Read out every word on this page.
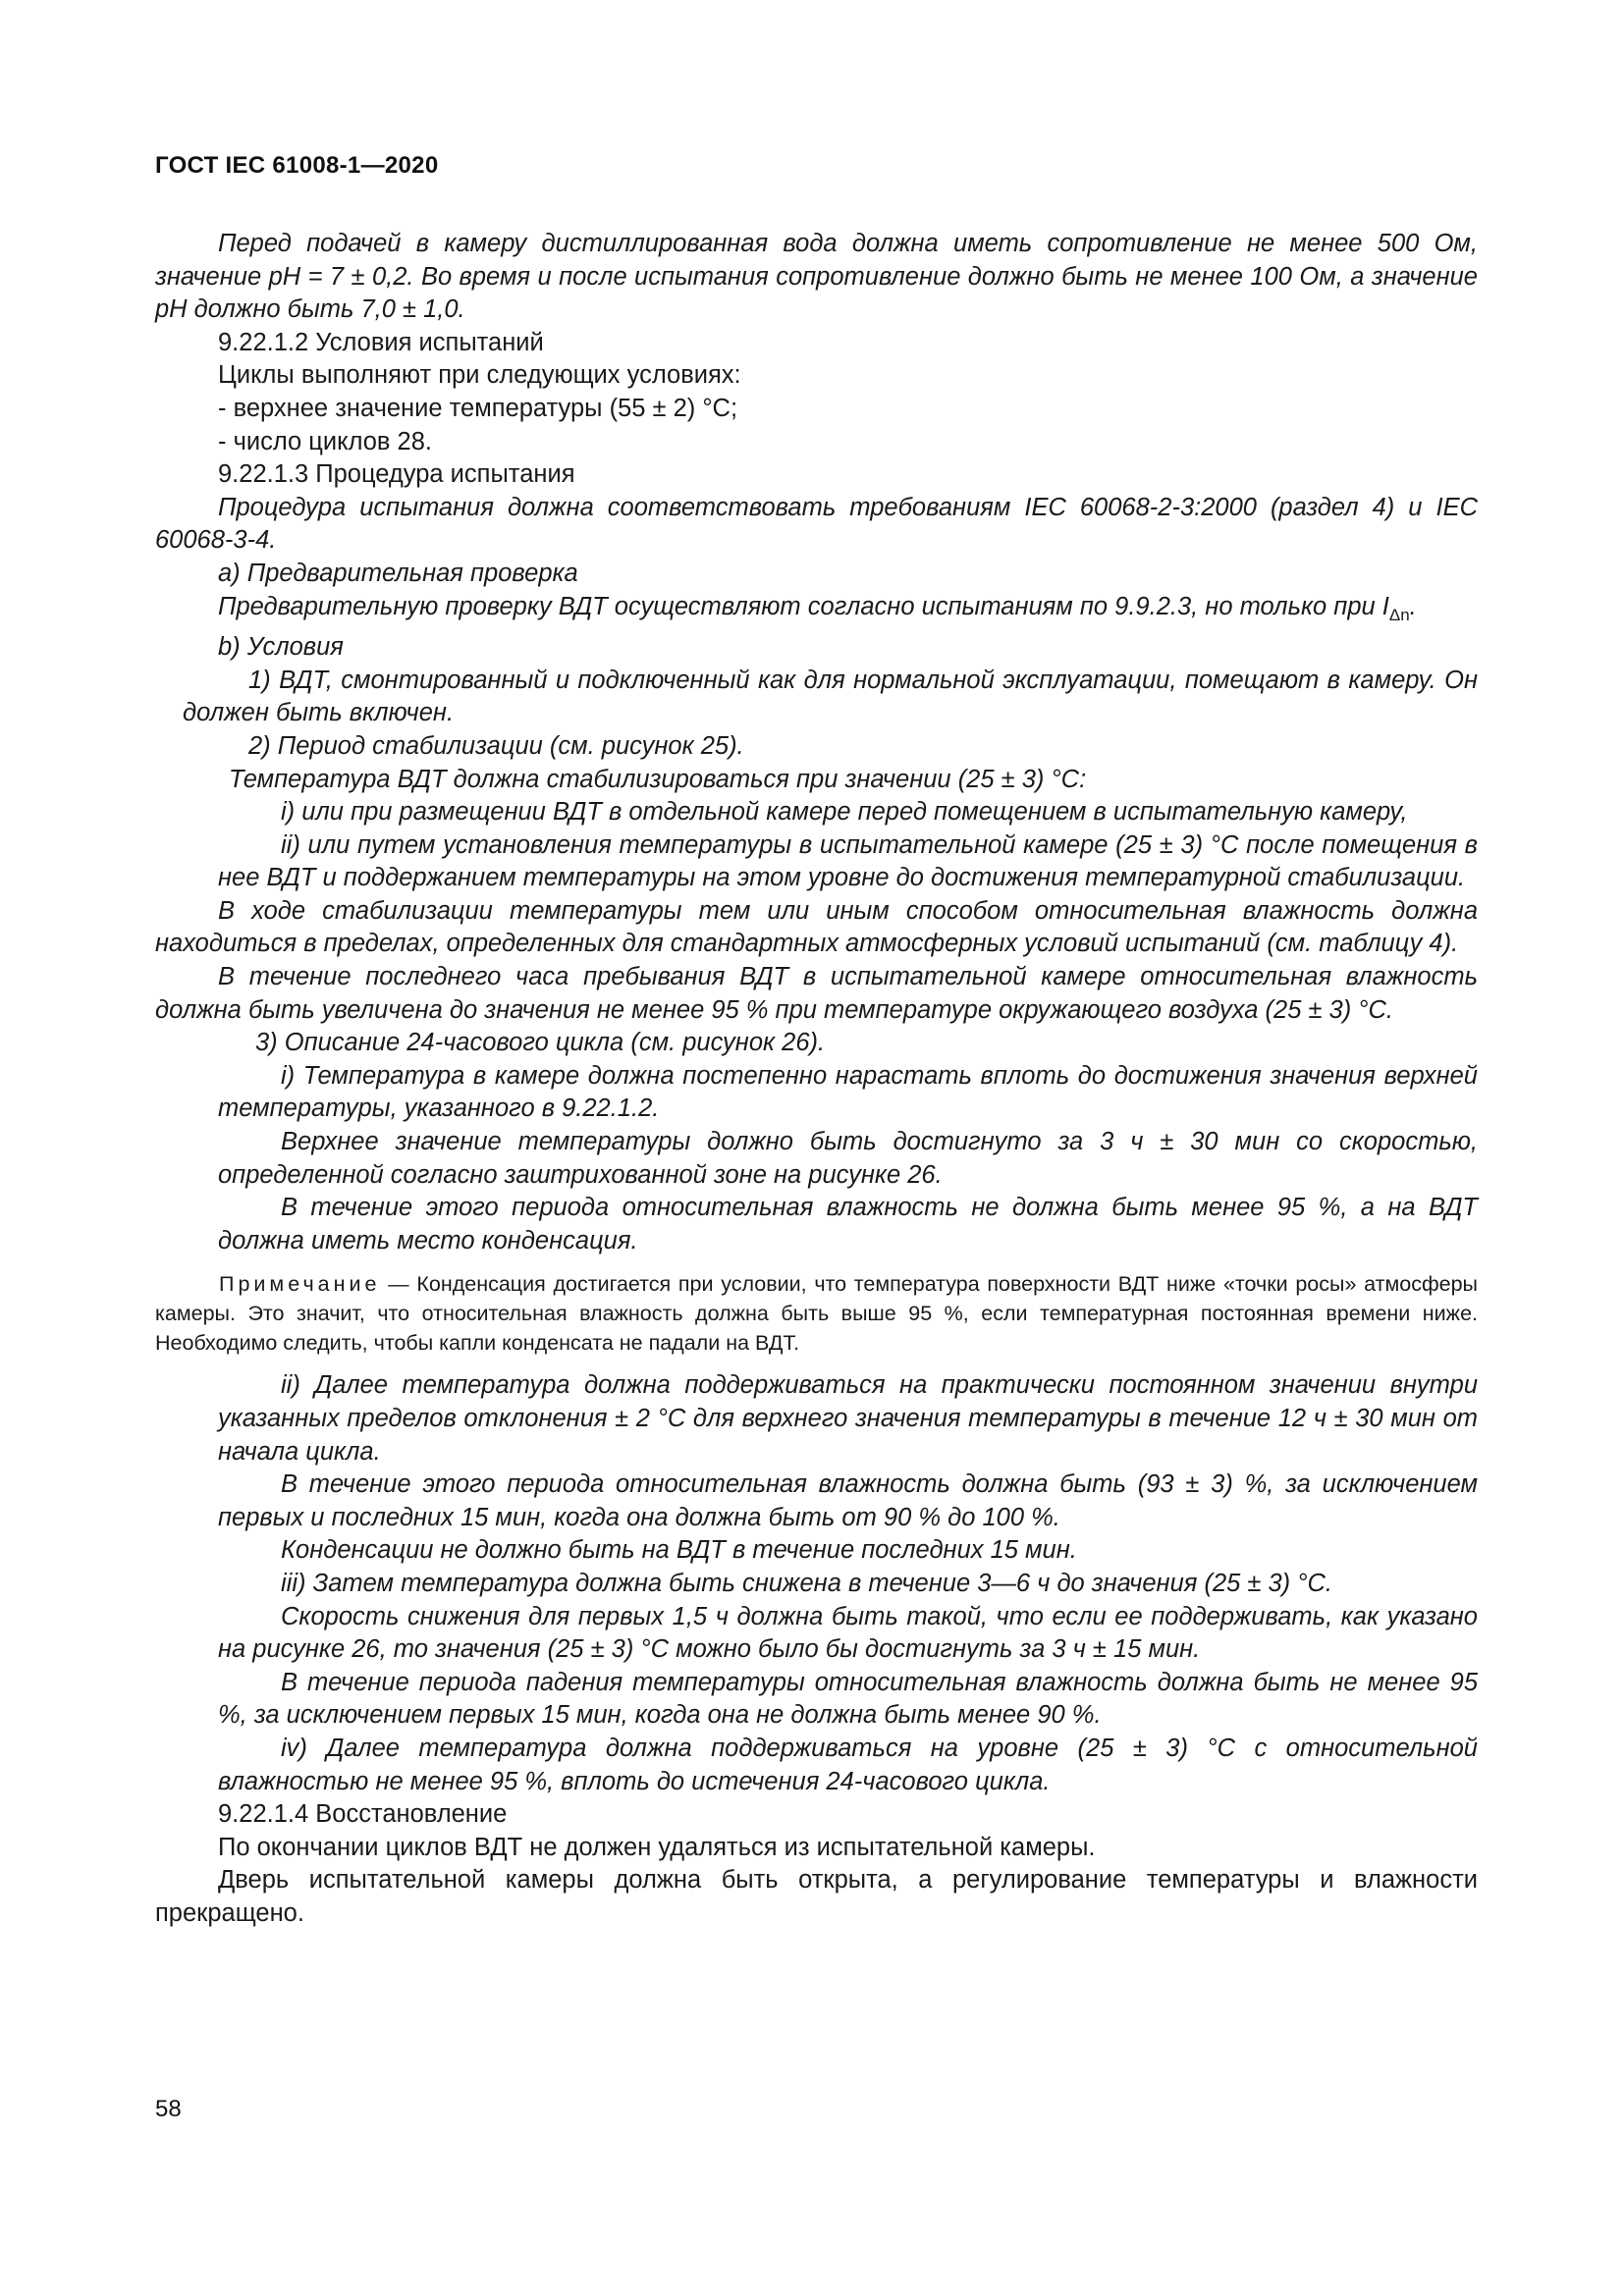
ГОСТ IEC 61008-1—2020

Перед подачей в камеру дистиллированная вода должна иметь сопротивление не менее 500 Ом, значение рН = 7 ± 0,2. Во время и после испытания сопротивление должно быть не менее 100 Ом, а значение рН должно быть 7,0 ± 1,0.

9.22.1.2 Условия испытаний

Циклы выполняют при следующих условиях:

- верхнее значение температуры (55 ± 2) °C;

- число циклов 28.

9.22.1.3 Процедура испытания

Процедура испытания должна соответствовать требованиям IEC 60068-2-3:2000 (раздел 4) и IEC 60068-3-4.

a) Предварительная проверка

Предварительную проверку ВДТ осуществляют согласно испытаниям по 9.9.2.3, но только при $I_{\Delta n}$.

b) Условия

1) ВДТ, смонтированный и подключенный как для нормальной эксплуатации, помещают в камеру. Он должен быть включен.

2) Период стабилизации (см. рисунок 25).

Температура ВДТ должна стабилизироваться при значении (25 ± 3) °C:

i) или при размещении ВДТ в отдельной камере перед помещением в испытательную камеру,

ii) или путем установления температуры в испытательной камере (25 ± 3) °C после помещения в нее ВДТ и поддержанием температуры на этом уровне до достижения температурной стабилизации.

В ходе стабилизации температуры тем или иным способом относительная влажность должна находиться в пределах, определенных для стандартных атмосферных условий испытаний (см. таблицу 4).

В течение последнего часа пребывания ВДТ в испытательной камере относительная влажность должна быть увеличена до значения не менее 95 % при температуре окружающего воздуха (25 ± 3) °C.

3) Описание 24-часового цикла (см. рисунок 26).

i) Температура в камере должна постепенно нарастать вплоть до достижения значения верхней температуры, указанного в 9.22.1.2.

Верхнее значение температуры должно быть достигнуто за 3 ч ± 30 мин со скоростью, определенной согласно заштрихованной зоне на рисунке 26.

В течение этого периода относительная влажность не должна быть менее 95 %, а на ВДТ должна иметь место конденсация.

Примечание — Конденсация достигается при условии, что температура поверхности ВДТ ниже «точки росы» атмосферы камеры. Это значит, что относительная влажность должна быть выше 95 %, если температурная постоянная времени ниже. Необходимо следить, чтобы капли конденсата не падали на ВДТ.

ii) Далее температура должна поддерживаться на практически постоянном значении внутри указанных пределов отклонения ± 2 °C для верхнего значения температуры в течение 12 ч ± 30 мин от начала цикла.

В течение этого периода относительная влажность должна быть (93 ± 3) %, за исключением первых и последних 15 мин, когда она должна быть от 90 % до 100 %.

Конденсации не должно быть на ВДТ в течение последних 15 мин.

iii) Затем температура должна быть снижена в течение 3—6 ч до значения (25 ± 3) °C.

Скорость снижения для первых 1,5 ч должна быть такой, что если ее поддерживать, как указано на рисунке 26, то значения (25 ± 3) °C можно было бы достигнуть за 3 ч ± 15 мин.

В течение периода падения температуры относительная влажность должна быть не менее 95 %, за исключением первых 15 мин, когда она не должна быть менее 90 %.

iv) Далее температура должна поддерживаться на уровне (25 ± 3) °C с относительной влажностью не менее 95 %, вплоть до истечения 24-часового цикла.

9.22.1.4 Восстановление

По окончании циклов ВДТ не должен удаляться из испытательной камеры.

Дверь испытательной камеры должна быть открыта, а регулирование температуры и влажности прекращено.

58
